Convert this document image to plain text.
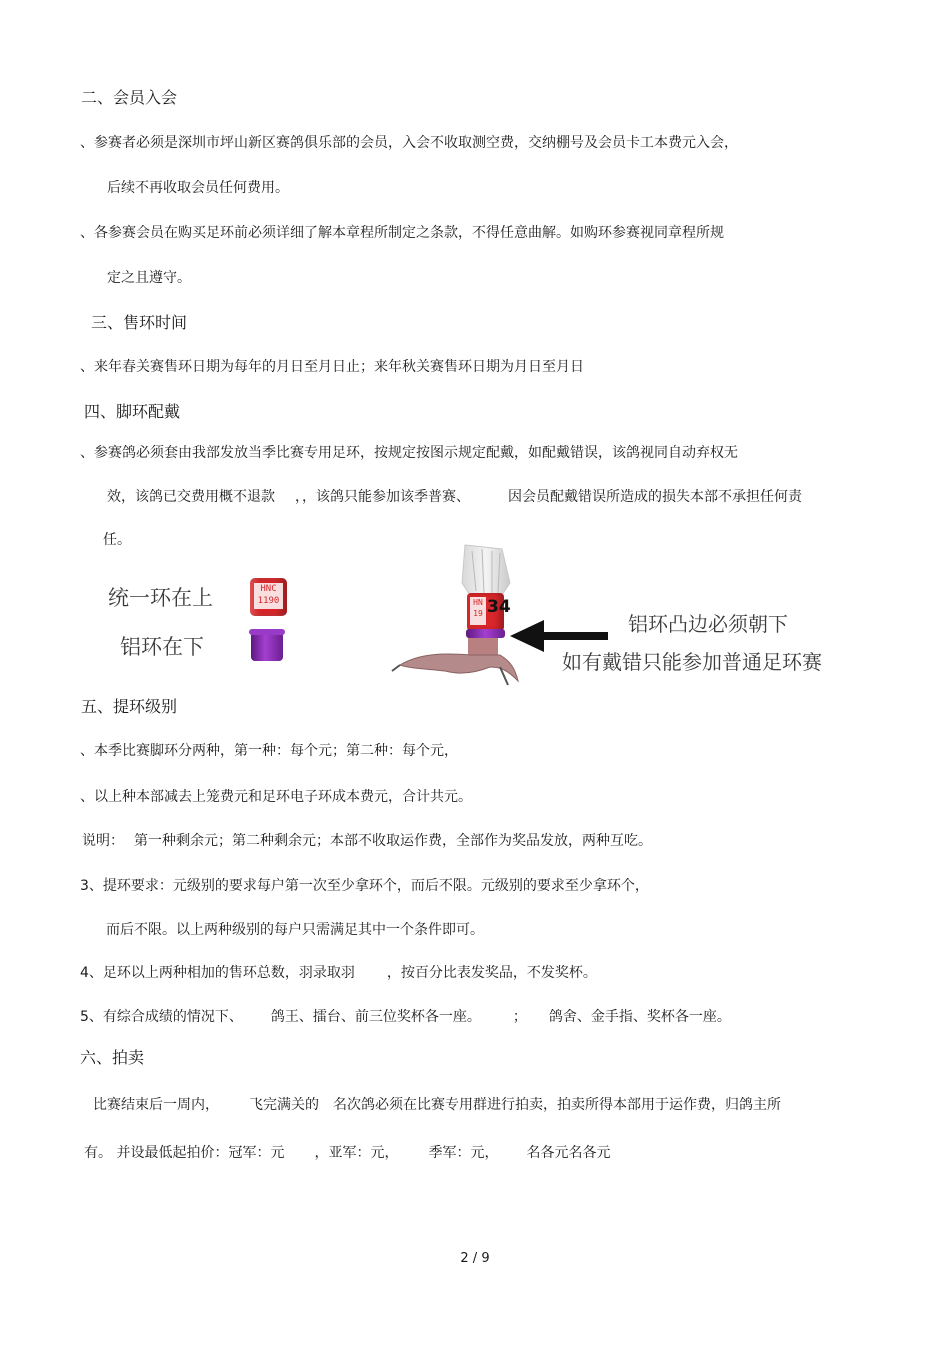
二、会员入会
、参赛者必须是深圳市坪山新区赛鸽俱乐部的会员，入会不收取测空费，交纳棚号及会员卡工本费元入会，
后续不再收取会员任何费用。
、各参赛会员在购买足环前必须详细了解本章程所制定之条款，不得任意曲解。如购环参赛视同章程所规
定之且遵守。
三、售环时间
、来年春关赛售环日期为每年的月日至月日止；来年秋关赛售环日期为月日至月日
四、脚环配戴
、参赛鸽必须套由我部发放当季比赛专用足环，按规定按图示规定配戴，如配戴错误，该鸽视同自动弃权无
效，该鸽已交费用概不退款 ，，该鸽只能参加该季普赛、	因会员配戴错误所造成的损失本部不承担任何责
任。
统一环在上
铝环在下
HNC
1190	HN
19 34
铝环凸边必须朝下
如有戴错只能参加普通足环赛
五、提环级别
、本季比赛脚环分两种，第一种：每个元；第二种：每个元，
、以上种本部减去上笼费元和足环电子环成本费元，合计共元。
说明： 第一种剩余元；第二种剩余元；本部不收取运作费，全部作为奖品发放，两种互吃。
3、提环要求：元级别的要求每户第一次至少拿环个，而后不限。元级别的要求至少拿环个，
而后不限。以上两种级别的每户只需满足其中一个条件即可。
4、足环以上两种相加的售环总数，羽录取羽 ，按百分比表发奖品，不发奖杯。
5、有综合成绩的情况下、 鸽王、擂台、前三位奖杯各一座。 ； 鸽舍、金手指、奖杯各一座。
六、拍卖
比赛结束后一周内， 飞完满关的 名次鸽必须在比赛专用群进行拍卖，拍卖所得本部用于运作费，归鸽主所
有。 并设最低起拍价：冠军：元 ，亚军：元， 季军：元， 名各元名各元
2 / 9
